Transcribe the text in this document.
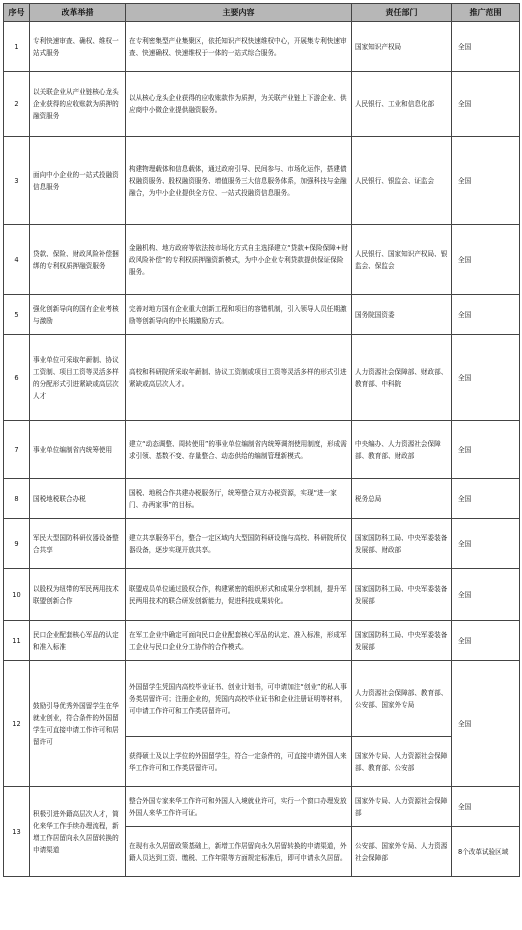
序号	改革举措	主要内容	责任部门	推广范围
1	专利快速审查、确权、维权一站式服务	在专利密集型产业集聚区，依托知识产权快速维权中心，开展集专利快速审查、快速确权、快速维权于一体的一站式综合服务。	国家知识产权局	全国
2	以关联企业从产业链核心龙头企业获得的应收账款为质押的融资服务	以从核心龙头企业获得的应收账款作为质押，为关联产业链上下游企业、供应商中小微企业提供融资服务。	人民银行、工业和信息化部	全国
3	面向中小企业的一站式投融资信息服务	构建物理载体和信息载体，通过政府引导、民间参与、市场化运作，搭建债权融资服务、股权融资服务、增值服务三大信息服务体系，加强科技与金融融合，为中小企业提供全方位、一站式投融资信息服务。	人民银行、银监会、证监会	全国
4	贷款、保险、财政风险补偿捆绑的专利权质押融资服务	金融机构、地方政府等依法按市场化方式自主选择建立“贷款+保险保障+财政风险补偿”的专利权质押融资新模式，为中小企业专利贷款提供保证保险服务。	人民银行、国家知识产权局、银监会、保监会	全国
5	强化创新导向的国有企业考核与激励	完善对地方国有企业重大创新工程和项目的容错机制，引入领导人员任期激励等创新导向的中长期激励方式。	国务院国资委	全国
6	事业单位可采取年薪制、协议工资制、项目工资等灵活多样的分配形式引进紧缺或高层次人才	高校和科研院所采取年薪制、协议工资制或项目工资等灵活多样的形式引进紧缺或高层次人才。	人力资源社会保障部、财政部、教育部、中科院	全国
7	事业单位编制省内统筹使用	建立“动态调整、周转使用”的事业单位编制省内统筹调剂使用制度，形成需求引领、基数不变、存量整合、动态供给的编制管理新模式。	中央编办、人力资源社会保障部、教育部、财政部	全国
8	国税地税联合办税	国税、地税合作共建办税服务厅，统筹整合双方办税资源，实现“进一家门、办两家事”的目标。	税务总局	全国
9	军民大型国防科研仪器设备整合共享	建立共享服务平台，整合一定区域内大型国防科研设施与高校、科研院所仪器设备，逐步实现开放共享。	国家国防科工局、中央军委装备发展部、财政部	全国
10	以股权为纽带的军民两用技术联盟创新合作	联盟成员单位通过股权合作，构建紧密的组织形式和成果分享机制，提升军民两用技术的联合研发创新能力，促进科技成果转化。	国家国防科工局、中央军委装备发展部	全国
11	民口企业配套核心军品的认定和准入标准	在军工企业中确定可面向民口企业配套核心军品的认定、准入标准，形成军工企业与民口企业分工协作的合作模式。	国家国防科工局、中央军委装备发展部	全国
12	鼓励引导优秀外国留学生在华就业创业，符合条件的外国留学生可直接申请工作许可和居留许可	外国留学生凭国内高校毕业证书、创业计划书，可申请加注“创业”的私人事务类居留许可；注册企业的，凭国内高校毕业证书和企业注册证明等材料，可申请工作许可和工作类居留许可。	人力资源社会保障部、教育部、公安部、国家外专局	全国
		获得硕士及以上学位的外国留学生，符合一定条件的，可直接申请外国人来华工作许可和工作类居留许可。	国家外专局、人力资源社会保障部、教育部、公安部	
13	积极引进外籍高层次人才，简化来华工作手续办理流程，新增工作居留向永久居留转换的申请渠道	整合外国专家来华工作许可和外国人入境就业许可，实行一个窗口办理发放外国人来华工作许可证。	国家外专局、人力资源社会保障部	全国
		在现有永久居留政策基础上，新增工作居留向永久居留转换的申请渠道，外籍人员达到工资、缴税、工作年限等方面规定标准后，即可申请永久居留。	公安部、国家外专局、人力资源社会保障部	8个改革试验区域
